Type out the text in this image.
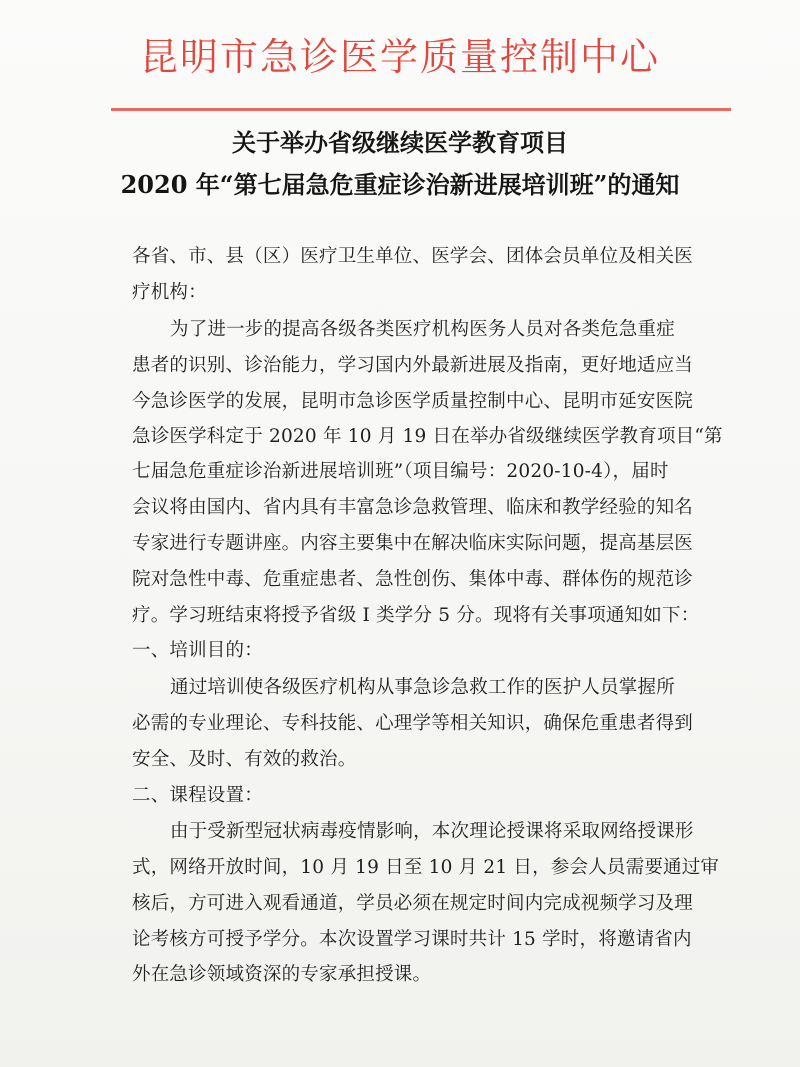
昆明市急诊医学质量控制中心
关于举办省级继续医学教育项目
2020 年“第七届急危重症诊治新进展培训班”的通知
各省、市、县（区）医疗卫生单位、医学会、团体会员单位及相关医
疗机构：
为了进一步的提高各级各类医疗机构医务人员对各类危急重症
患者的识别、诊治能力，学习国内外最新进展及指南，更好地适应当
今急诊医学的发展，昆明市急诊医学质量控制中心、昆明市延安医院
急诊医学科定于 2020 年 10 月 19 日在举办省级继续医学教育项目“第
七届急危重症诊治新进展培训班”（项目编号：2020-10-4），届时
会议将由国内、省内具有丰富急诊急救管理、临床和教学经验的知名
专家进行专题讲座。内容主要集中在解决临床实际问题，提高基层医
院对急性中毒、危重症患者、急性创伤、集体中毒、群体伤的规范诊
疗。学习班结束将授予省级 I 类学分 5 分。现将有关事项通知如下：
一、培训目的：
通过培训使各级医疗机构从事急诊急救工作的医护人员掌握所
必需的专业理论、专科技能、心理学等相关知识，确保危重患者得到
安全、及时、有效的救治。
二、课程设置：
由于受新型冠状病毒疫情影响，本次理论授课将采取网络授课形
式，网络开放时间，10 月 19 日至 10 月 21 日，参会人员需要通过审
核后，方可进入观看通道，学员必须在规定时间内完成视频学习及理
论考核方可授予学分。本次设置学习课时共计 15 学时，将邀请省内
外在急诊领域资深的专家承担授课。
